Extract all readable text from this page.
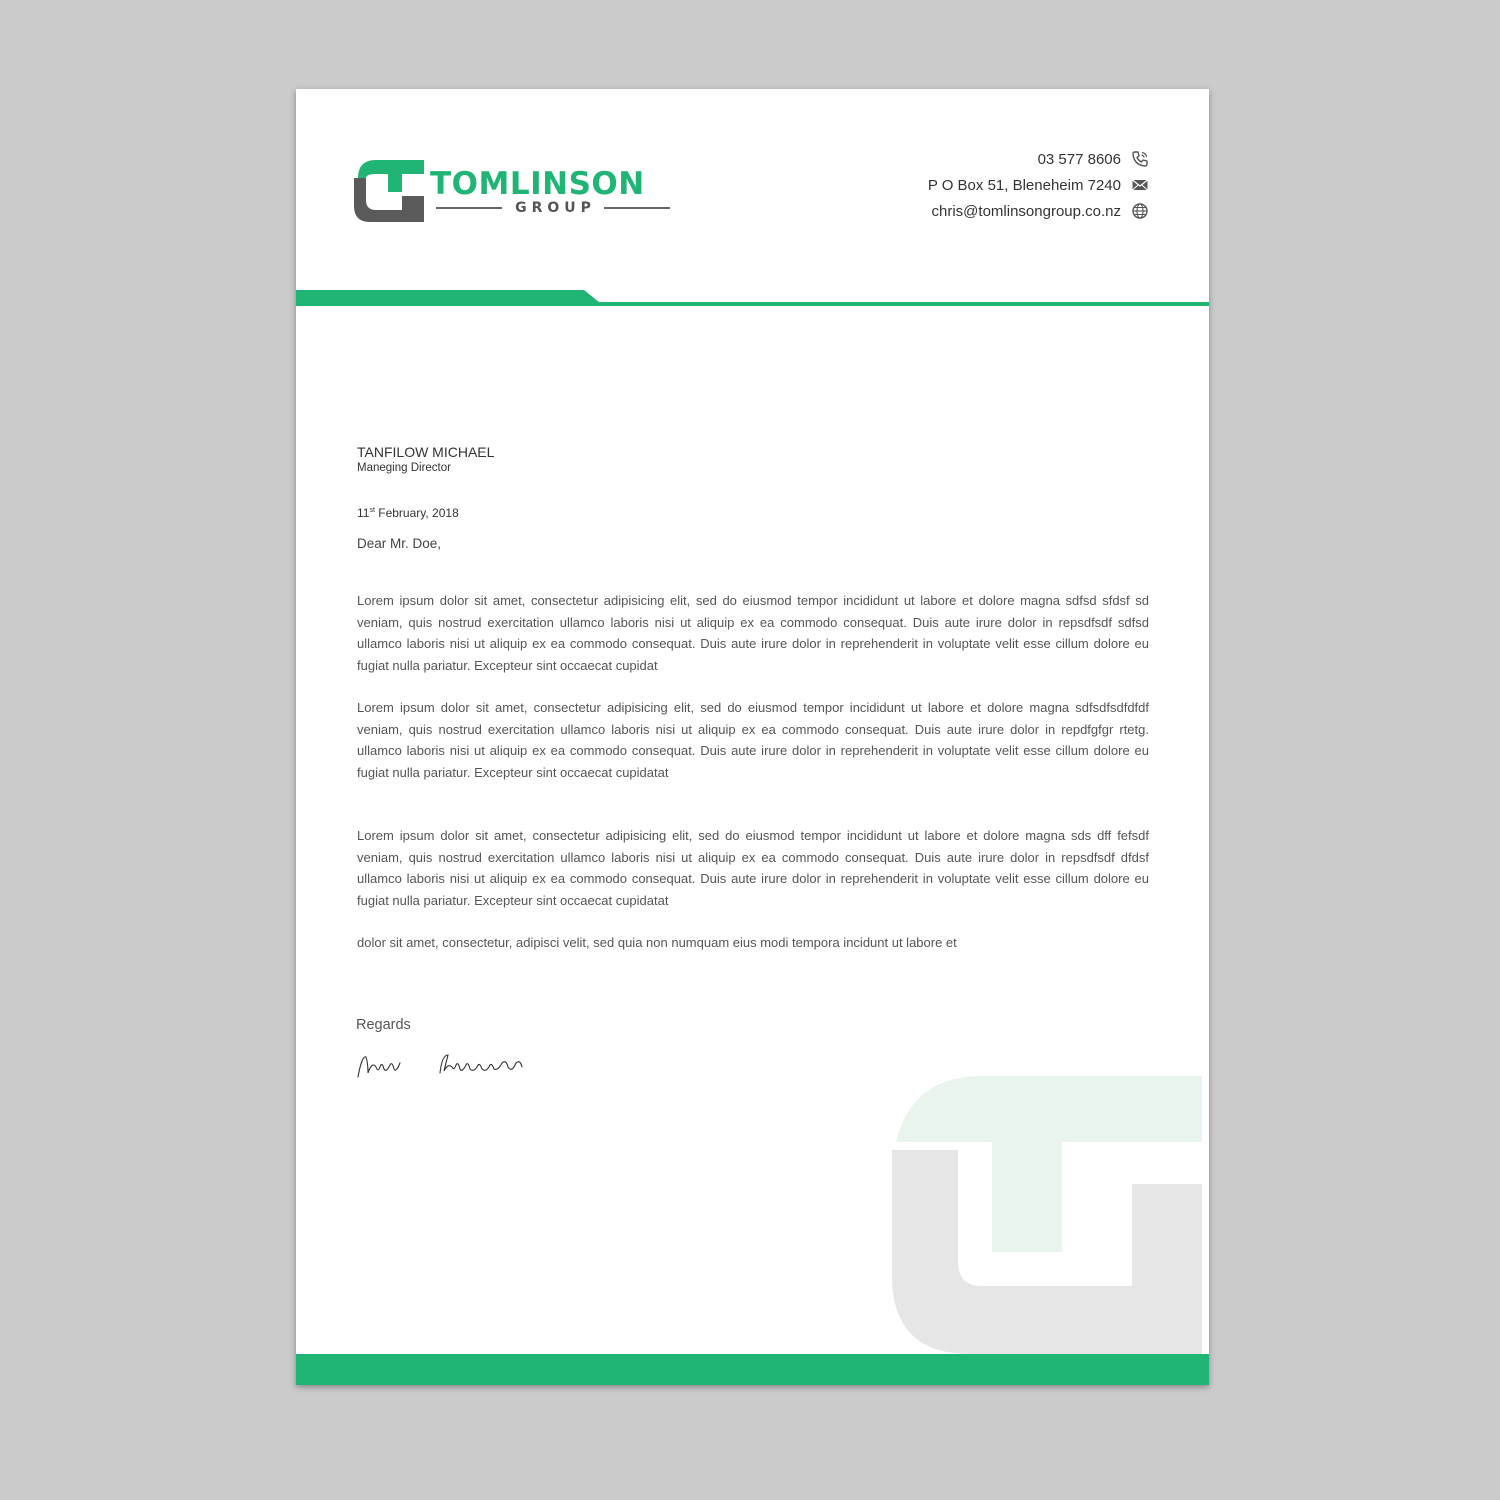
TOMLINSON
GROUP
03 577 8606
P O Box 51, Bleneheim 7240
chris@tomlinsongroup.co.nz
TANFILOW MICHAEL
Maneging Director
11st February, 2018
Dear Mr. Doe,

Lorem ipsum dolor sit amet, consectetur adipisicing elit, sed do eiusmod tempor incididunt ut labore et dolore magna sdfsd sfdsf sd veniam, quis nostrud exercitation ullamco laboris nisi ut aliquip ex ea commodo consequat. Duis aute irure dolor in repsdfsdf sdfsd ullamco laboris nisi ut aliquip ex ea commodo consequat. Duis aute irure dolor in reprehenderit in voluptate velit esse cillum dolore eu fugiat nulla pariatur. Excepteur sint occaecat cupidat

Lorem ipsum dolor sit amet, consectetur adipisicing elit, sed do eiusmod tempor incididunt ut labore et dolore magna sdfsdfsdfdfdf veniam, quis nostrud exercitation ullamco laboris nisi ut aliquip ex ea commodo consequat. Duis aute irure dolor in repdfgfgr rtetg. ullamco laboris nisi ut aliquip ex ea commodo consequat. Duis aute irure dolor in reprehenderit in voluptate velit esse cillum dolore eu fugiat nulla pariatur. Excepteur sint occaecat cupidatat

Lorem ipsum dolor sit amet, consectetur adipisicing elit, sed do eiusmod tempor incididunt ut labore et dolore magna sds dff fefsdf veniam, quis nostrud exercitation ullamco laboris nisi ut aliquip ex ea commodo consequat. Duis aute irure dolor in repsdfsdf dfdsf ullamco laboris nisi ut aliquip ex ea commodo consequat. Duis aute irure dolor in reprehenderit in voluptate velit esse cillum dolore eu fugiat nulla pariatur. Excepteur sint occaecat cupidatat

dolor sit amet, consectetur, adipisci velit, sed quia non numquam eius modi tempora incidunt ut labore et

Regards
